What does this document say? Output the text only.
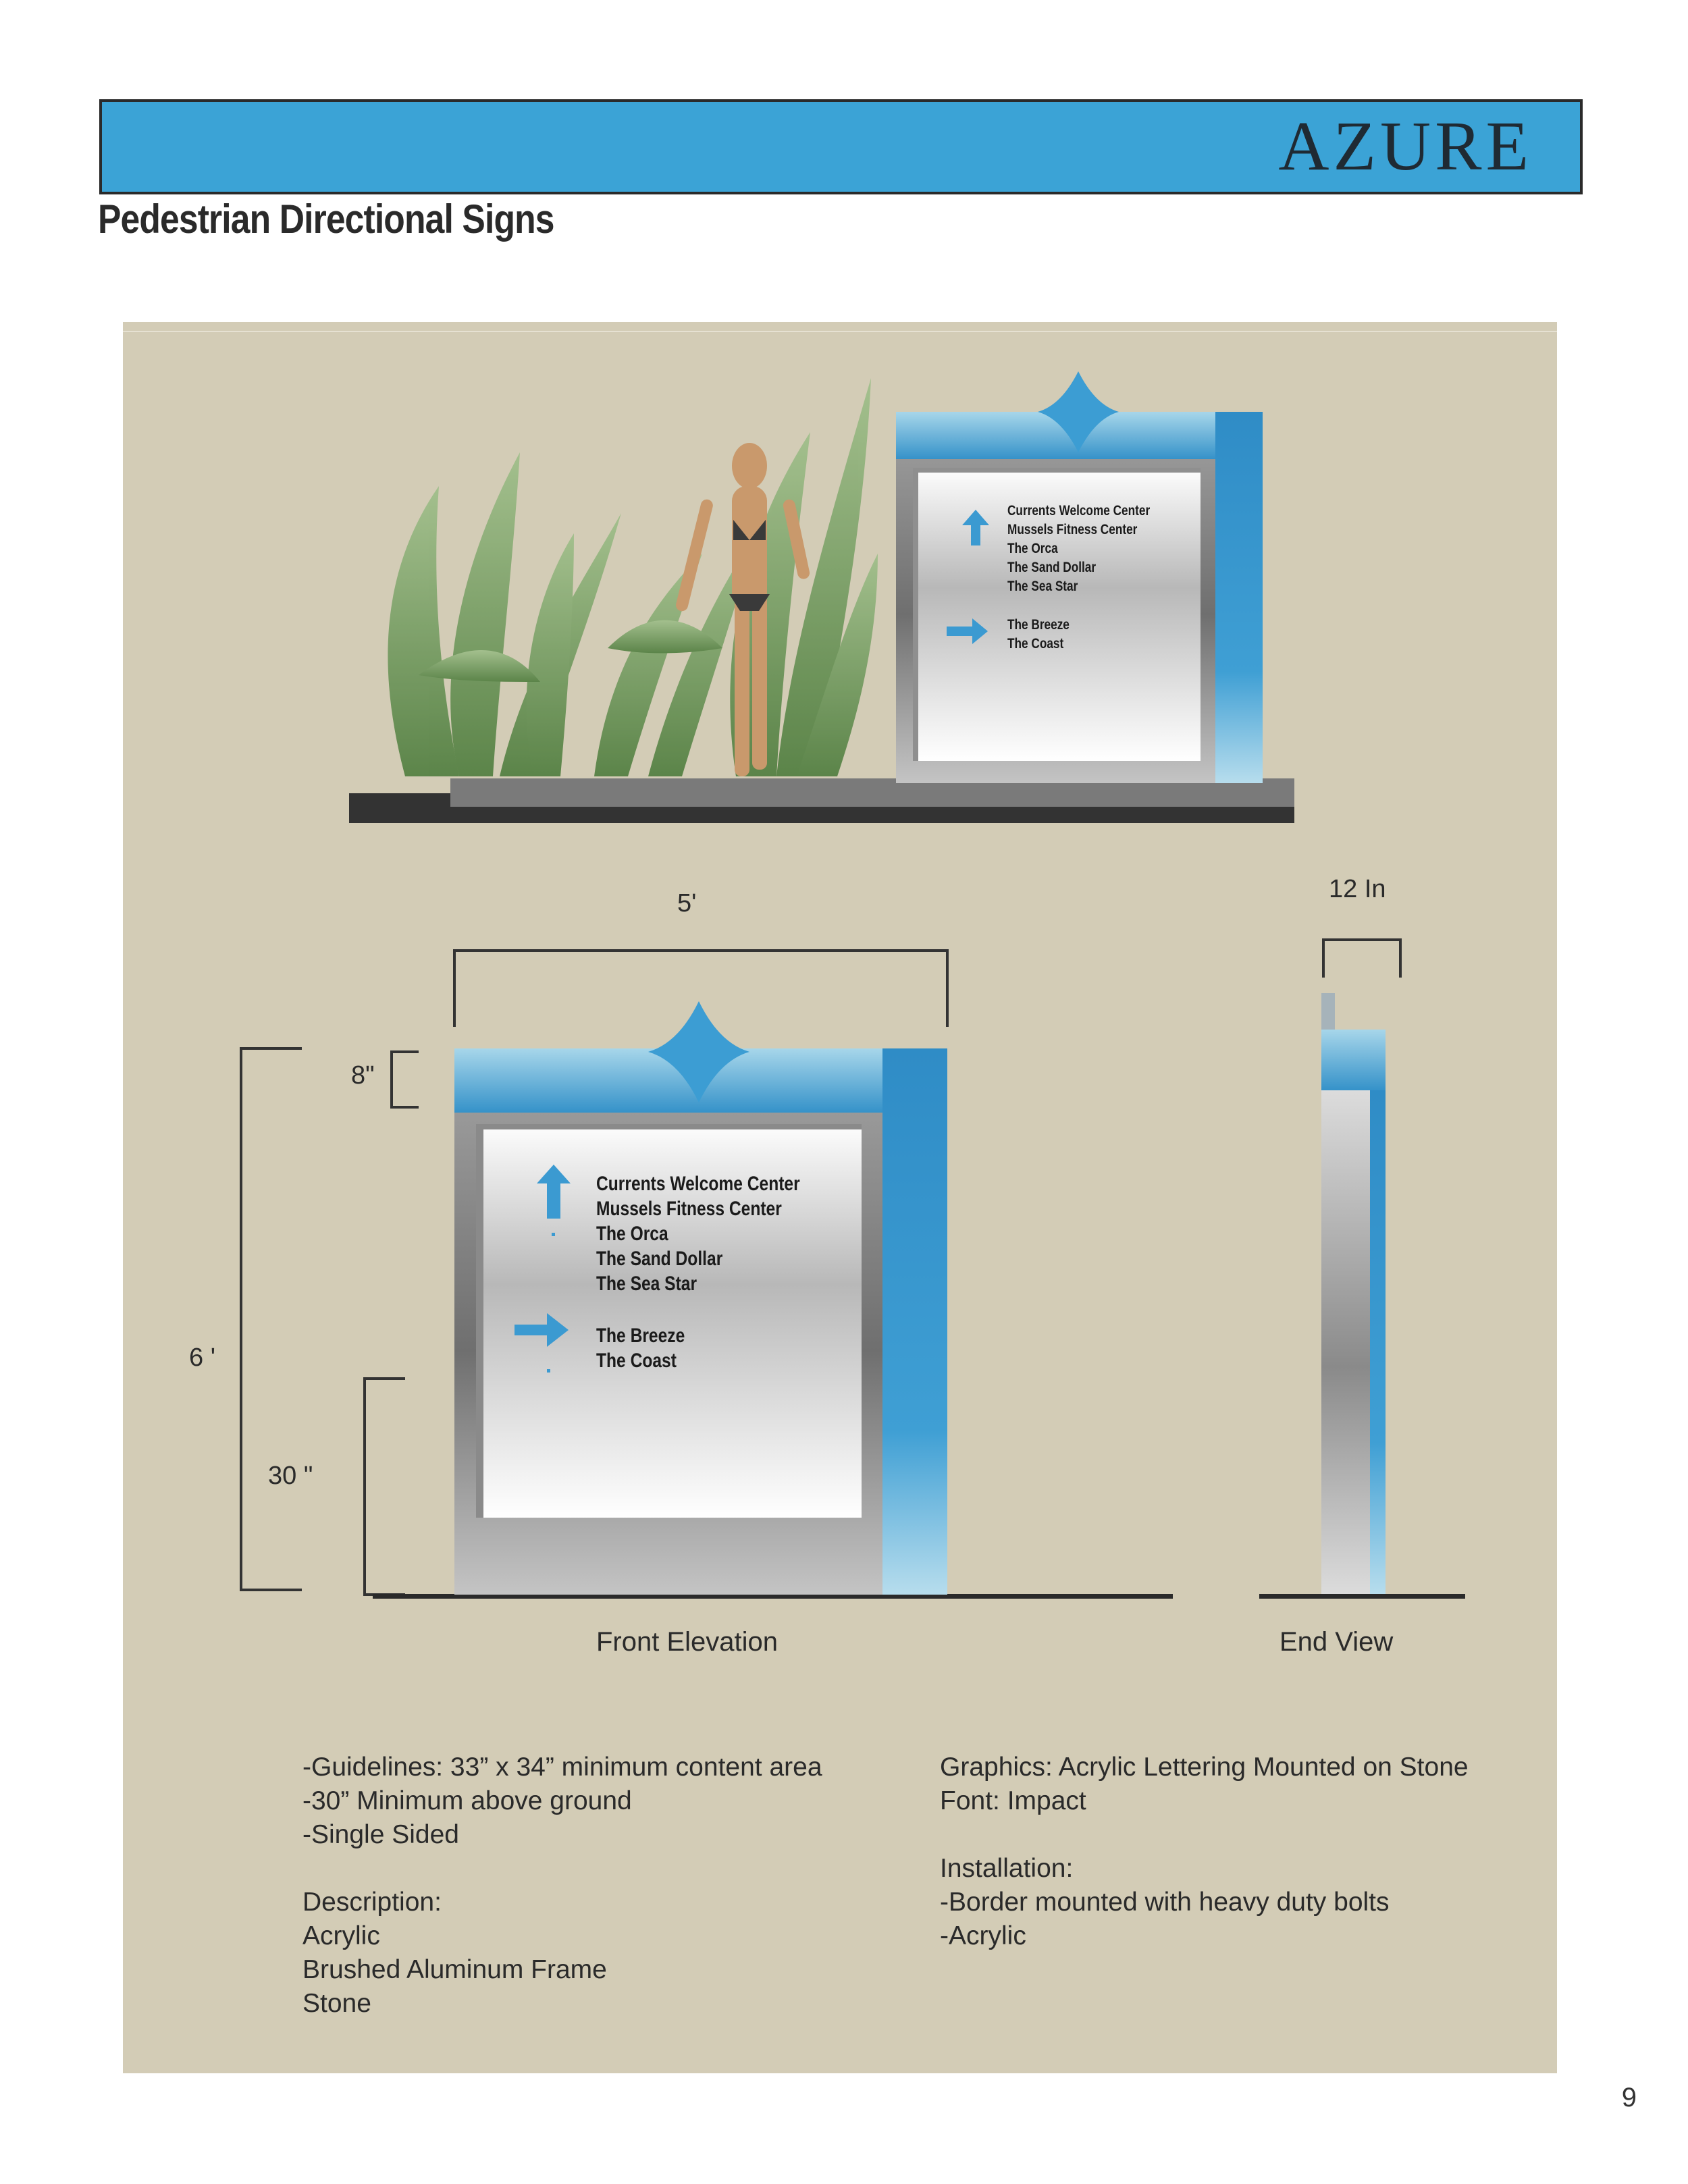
AZURE
Pedestrian Directional Signs
Currents Welcome Center
Mussels Fitness Center
The Orca
The Sand Dollar
The Sea Star
The Breeze
The Coast
Currents Welcome Center
Mussels Fitness Center
The Orca
The Sand Dollar
The Sea Star
The Breeze
The Coast
5'	12 In
6 '
8"
30 "
Front Elevation	End View
-Guidelines: 33” x 34” minimum content area
-30” Minimum above ground
-Single Sided
Description:
Acrylic
Brushed Aluminum Frame
Stone
Graphics: Acrylic Lettering Mounted on Stone
Font: Impact
Installation:
-Border mounted with heavy duty bolts
-Acrylic
9
